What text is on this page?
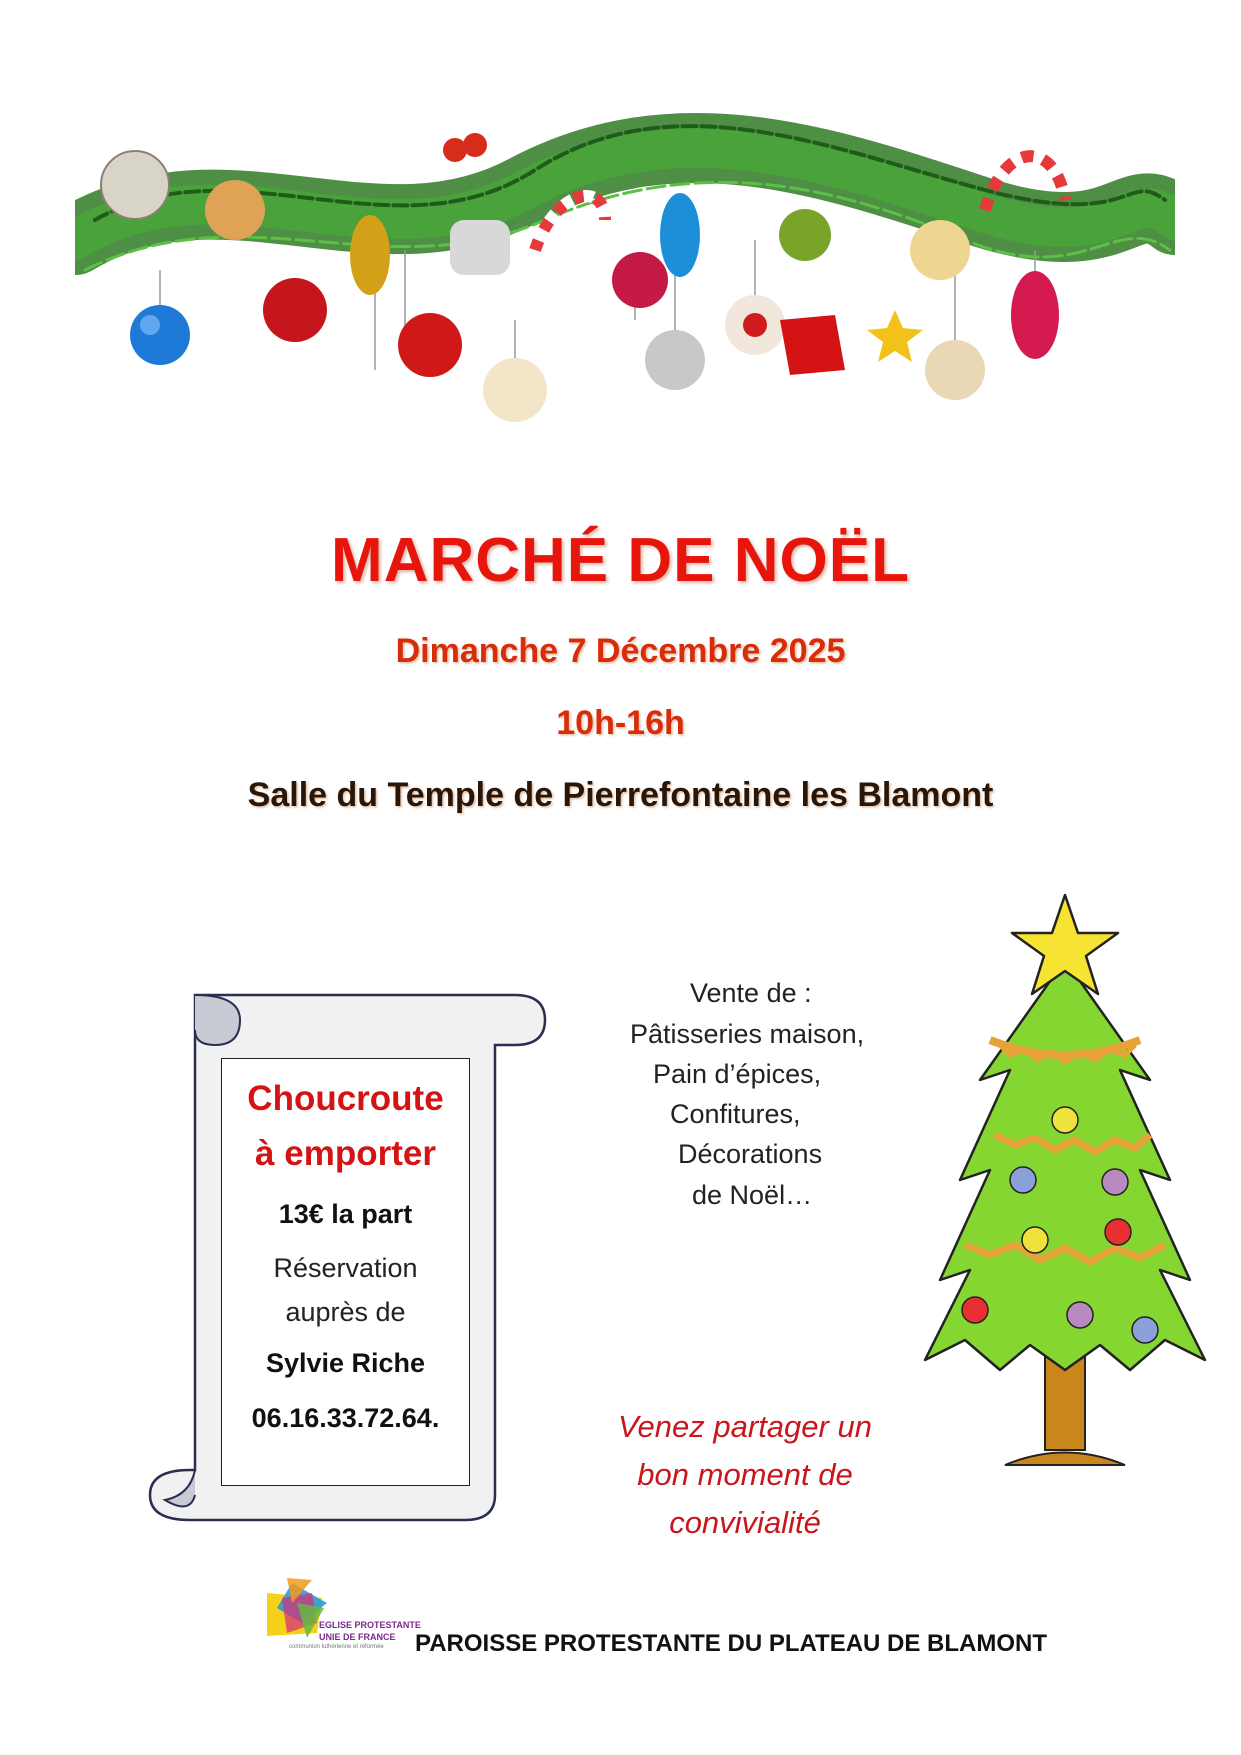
MARCHÉ DE NOËL
Dimanche 7 Décembre 2025
10h-16h
Salle du Temple de Pierrefontaine les Blamont
Choucroute
à emporter
13€ la part
Réservation
auprès de
Sylvie Riche
06.16.33.72.64.
Vente de :
Pâtisseries maison,
Pain d’épices,
Confitures,
Décorations
de Noël…
Venez partager un
bon moment de
convivialité
EGLISE PROTESTANTE
UNIE DE FRANCE
communion luthérienne et réformée PAROISSE PROTESTANTE DU PLATEAU DE BLAMONT
